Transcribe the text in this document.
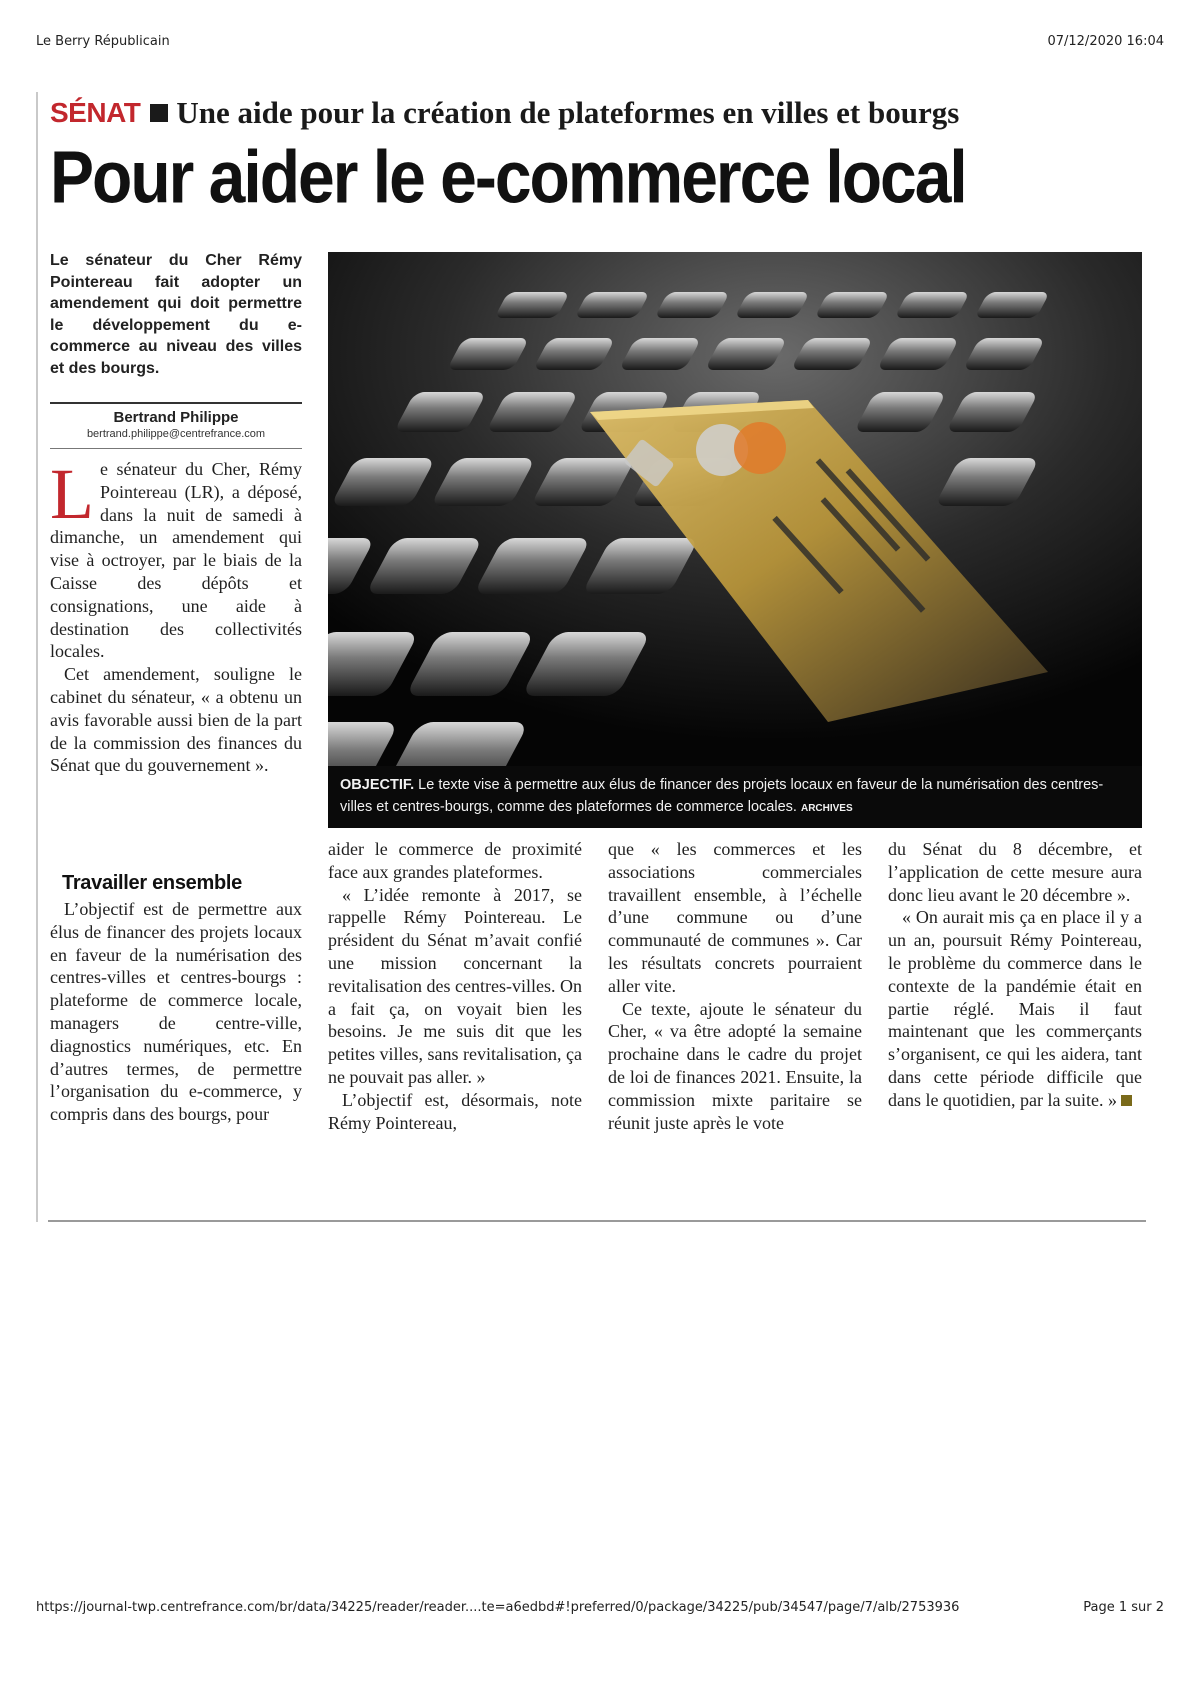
Le Berry Républicain	07/12/2020 16:04
SÉNAT Une aide pour la création de plateformes en villes et bourgs
Pour aider le e-commerce local

Le sénateur du Cher Rémy Pointereau fait adopter un amendement qui doit permettre le développement du e-commerce au niveau des villes et des bourgs.

Bertrand Philippe
bertrand.philippe@centrefrance.com

Le sénateur du Cher, Rémy Pointereau (LR), a déposé, dans la nuit de samedi à dimanche, un amendement qui vise à octroyer, par le biais de la Caisse des dépôts et consignations, une aide à destination des collectivités locales.

Cet amendement, souligne le cabinet du sénateur, « a obtenu un avis favorable aussi bien de la part de la commission des finances du Sénat que du gouvernement ».

Travailler ensemble

L’objectif est de permettre aux élus de financer des projets locaux en faveur de la numérisation des centres-villes et centres-bourgs : plateforme de commerce locale, managers de centre-ville, diagnostics numériques, etc. En d’autres termes, de permettre l’organisation du e-commerce, y compris dans des bourgs, pour

OBJECTIF. Le texte vise à permettre aux élus de financer des projets locaux en faveur de la numérisation des centres-villes et centres-bourgs, comme des plateformes de commerce locales. ARCHIVES

aider le commerce de proximité face aux grandes plateformes.

« L’idée remonte à 2017, se rappelle Rémy Pointereau. Le président du Sénat m’avait confié une mission concernant la revitalisation des centres-villes. On a fait ça, on voyait bien les besoins. Je me suis dit que les petites villes, sans revitalisation, ça ne pouvait pas aller. »

L’objectif est, désormais, note Rémy Pointereau,

que « les commerces et les associations commerciales travaillent ensemble, à l’échelle d’une commune ou d’une communauté de communes ». Car les résultats concrets pourraient aller vite.

Ce texte, ajoute le sénateur du Cher, « va être adopté la semaine prochaine dans le cadre du projet de loi de finances 2021. Ensuite, la commission mixte paritaire se réunit juste après le vote

du Sénat du 8 décembre, et l’application de cette mesure aura donc lieu avant le 20 décembre ».

« On aurait mis ça en place il y a un an, poursuit Rémy Pointereau, le problème du commerce dans le contexte de la pandémie était en partie réglé. Mais il faut maintenant que les commerçants s’organisent, ce qui les aidera, tant dans cette période difficile que dans le quotidien, par la suite. »

https://journal-twp.centrefrance.com/br/data/34225/reader/reader....te=a6edbd#!preferred/0/package/34225/pub/34547/page/7/alb/2753936	Page 1 sur 2
